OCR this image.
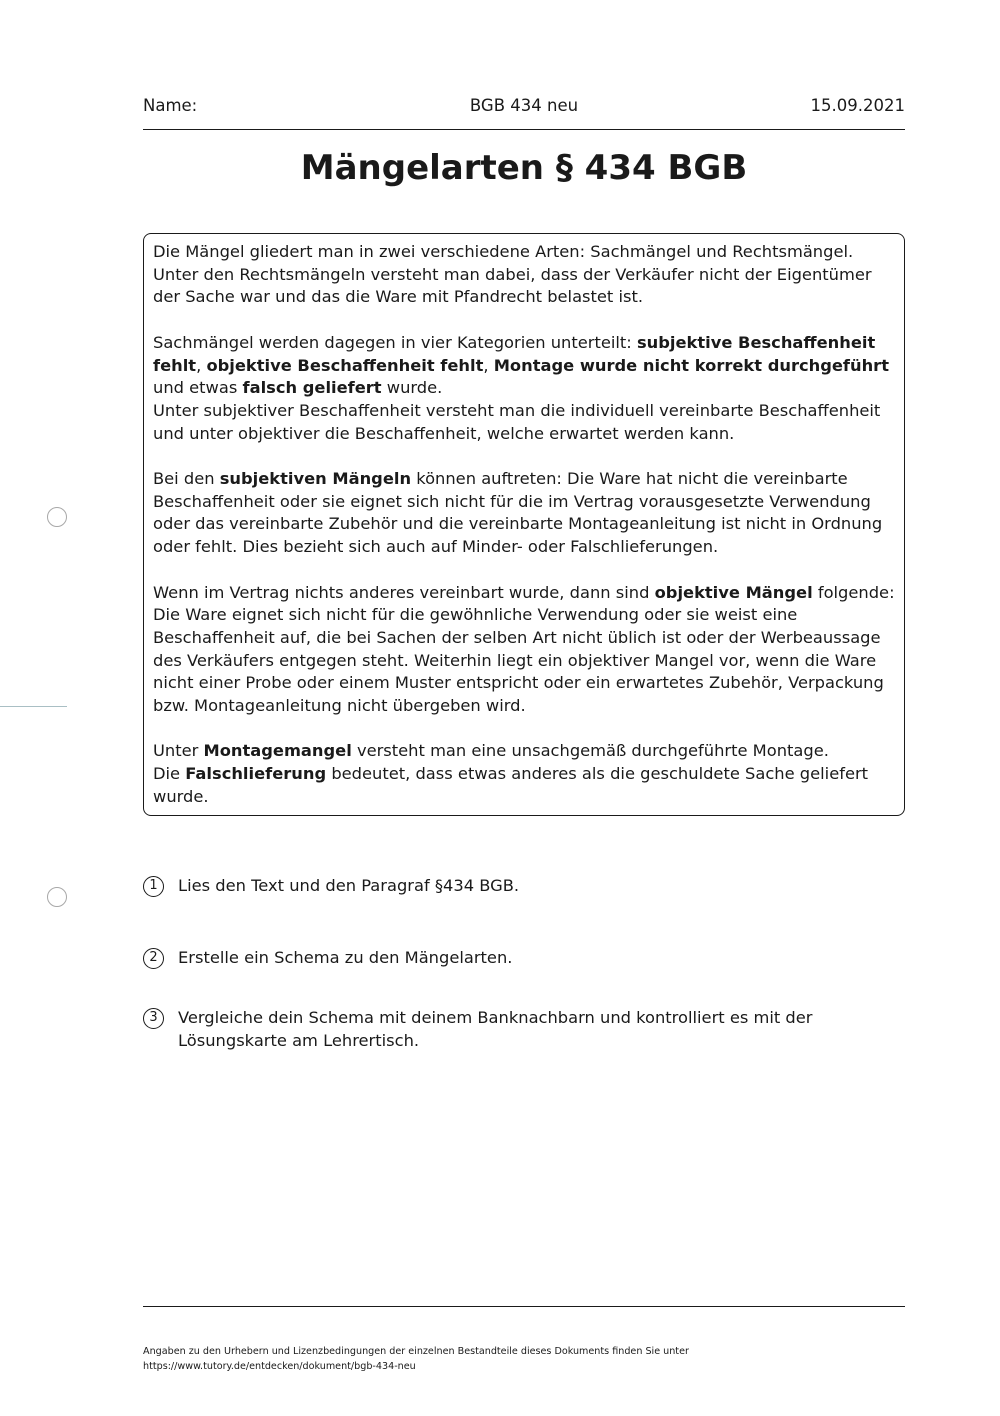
BGB 434 neu
Name:	15.09.2021
Mängelarten § 434 BGB

Die Mängel gliedert man in zwei verschiedene Arten: Sachmängel und Rechtsmängel.
Unter den Rechtsmängeln versteht man dabei, dass der Verkäufer nicht der Eigentümer
der Sache war und das die Ware mit Pfandrecht belastet ist.

Sachmängel werden dagegen in vier Kategorien unterteilt: subjektive Beschaffenheit
fehlt, objektive Beschaffenheit fehlt, Montage wurde nicht korrekt durchgeführt
und etwas falsch geliefert wurde.
Unter subjektiver Beschaffenheit versteht man die individuell vereinbarte Beschaffenheit
und unter objektiver die Beschaffenheit, welche erwartet werden kann.

Bei den subjektiven Mängeln können auftreten: Die Ware hat nicht die vereinbarte
Beschaffenheit oder sie eignet sich nicht für die im Vertrag vorausgesetzte Verwendung
oder das vereinbarte Zubehör und die vereinbarte Montageanleitung ist nicht in Ordnung
oder fehlt. Dies bezieht sich auch auf Minder- oder Falschlieferungen.

Wenn im Vertrag nichts anderes vereinbart wurde, dann sind objektive Mängel folgende:
Die Ware eignet sich nicht für die gewöhnliche Verwendung oder sie weist eine
Beschaffenheit auf, die bei Sachen der selben Art nicht üblich ist oder der Werbeaussage
des Verkäufers entgegen steht. Weiterhin liegt ein objektiver Mangel vor, wenn die Ware
nicht einer Probe oder einem Muster entspricht oder ein erwartetes Zubehör, Verpackung
bzw. Montageanleitung nicht übergeben wird.

Unter Montagemangel versteht man eine unsachgemäß durchgeführte Montage.
Die Falschlieferung bedeutet, dass etwas anderes als die geschuldete Sache geliefert
wurde.

1	Lies den Text und den Paragraf §434 BGB.
2	Erstelle ein Schema zu den Mängelarten.
3	Vergleiche dein Schema mit deinem Banknachbarn und kontrolliert es mit der
Lösungskarte am Lehrertisch.
Angaben zu den Urhebern und Lizenzbedingungen der einzelnen Bestandteile dieses Dokuments finden Sie unter
https://www.tutory.de/entdecken/dokument/bgb-434-neu
